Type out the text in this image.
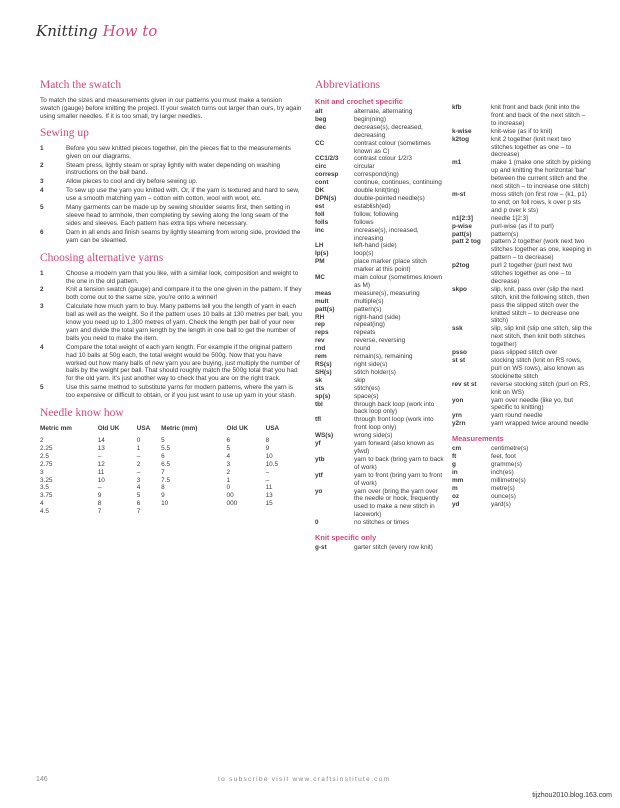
Knitting How to
Match the swatch

To match the sizes and measurements given in our patterns you must make a tension swatch (gauge) before knitting the project. If your swatch turns out larger than ours, try again using smaller needles. If it is too small, try larger needles.

Sewing up
1	Before you sew knitted pieces together, pin the pieces flat to the measurements given on our diagrams.
2	Steam press, lightly steam or spray lightly with water depending on washing instructions on the ball band.
3	Allow pieces to cool and dry before sewing up.
4	To sew up use the yarn you knitted with. Or, if the yarn is textured and hard to sew, use a smooth matching yarn – cotton with cotton, wool with wool, etc.
5	Many garments can be made up by sewing shoulder seams first, then setting in sleeve head to armhole, then completing by sewing along the long seam of the sides and sleeves. Each pattern has extra tips where necessary.
6	Darn in all ends and finish seams by lightly steaming from wrong side, provided the yarn can be steamed.
Choosing alternative yarns
1	Choose a modern yarn that you like, with a similar look, composition and weight to the one in the old pattern.
2	Knit a tension swatch (gauge) and compare it to the one given in the pattern. If they both come out to the same size, you're onto a winner!
3	Calculate how much yarn to buy. Many patterns tell you the length of yarn in each ball as well as the weight. So if the pattern uses 10 balls at 130 metres per ball, you know you need up to 1,300 metres of yarn. Check the length per ball of your new yarn and divide the total yarn length by the length in one ball to get the number of balls you need to make the item.
4	Compare the total weight of each yarn length. For example if the original pattern had 10 balls at 50g each, the total weight would be 500g. Now that you have worked out how many balls of new yarn you are buying, just multiply the number of balls by the weight per ball. That should roughly match the 500g total that you had for the old yarn. It's just another way to check that you are on the right track.
5	Use this same method to substitute yarns for modern patterns, where the yarn is too expensive or difficult to obtain, or if you just want to use up yarn in your stash.
Needle know how
Metric mm	Old UK	USA	Metric (mm)	Old UK	USA
2	14	0	5	6	8
2.25	13	1	5.5	5	9
2.5	–	–	6	4	10
2.75	12	2	6.5	3	10.5
3	11	–	7	2	–
3.25	10	3	7.5	1	–
3.5	–	4	8	0	11
3.75	9	5	9	00	13
4	8	6	10	000	15
4.5	7	7			
Abbreviations
Knit and crochet specific
alt	alternate, alternating
beg	begin(ning)
dec	decrease(s), decreased, decreasing
CC	contrast colour (sometimes known as C)
CC1/2/3	contrast colour 1/2/3
circ	circular
corresp	correspond(ing)
cont	continue, continues, continuing
DK	double knit(ting)
DPN(s)	double-pointed needle(s)
est	establish(ed)
foll	follow, following
folls	follows
inc	increase(s), increased, increasing
LH	left-hand (side)
lp(s)	loop(s)
PM	place marker (place stitch marker at this point)
MC	main colour (sometimes known as M)
meas	measure(s), measuring
mult	multiple(s)
patt(s)	pattern(s)
RH	right-hand (side)
rep	repeat(ing)
reps	repeats
rev	reverse, reversing
rnd	round
rem	remain(s), remaining
RS(s)	right side(s)
SH(s)	stitch holder(s)
sk	skip
sts	stitch(es)
sp(s)	space(s)
tbl	through back loop (work into back loop only)
tfl	through front loop (work into front loop only)
WS(s)	wrong side(s)
yf	yarn forward (also known as yfwd)
ytb	yarn to back (bring yarn to back of work)
ytf	yarn to front (bring yarn to front of work)
yo	yarn over (bring the yarn over the needle or hook, frequently used to make a new stitch in lacework)
0	no stitches or times
Knit specific only
g-st	garter stitch (every row knit)
kfb	knit front and back (knit into the front and back of the next stitch – to increase)
k-wise	knit-wise (as if to knit)
k2tog	knit 2 together (knit next two stitches together as one – to decrease)
m1	make 1 (make one stitch by picking up and knitting the horizontal 'bar' between the current stitch and the next stitch – to increase one stitch)
m-st	moss stitch (on first row – (k1, p1) to end; on foll rows, k over p sts and p over k sts)
n1[2:3]	needle 1[2:3]
p-wise	purl-wise (as if to purl)
patt(s)	pattern(s)
patt 2 tog	pattern 2 together (work next two stitches together as one, keeping in pattern – to decrease)
p2tog	purl 2 together (purl next two stitches together as one – to decrease)
skpo	slip, knit, pass over (slip the next stitch, knit the following stitch, then pass the slipped stitch over the knitted stitch – to decrease one stitch)
ssk	slip, slip knit (slip one stitch, slip the next stitch, then knit both stitches together)
psso	pass slipped stitch over
st st	stocking stitch (knit on RS rows, purl on WS rows), also known as stockinette stitch
rev st st	reverse stocking stitch (purl on RS, knit on WS)
yon	yarn over needle (like yo, but specific to knitting)
yrn	yarn round needle
y2rn	yarn wrapped twice around needle
Measurements
cm	centimetre(s)
ft	feet, foot
g	gramme(s)
in	inch(es)
mm	millimetre(s)
m	metre(s)
oz	ounce(s)
yd	yard(s)
146	to subscribe visit www.craftsinstitute.com
tijzhou2010.blog.163.com
